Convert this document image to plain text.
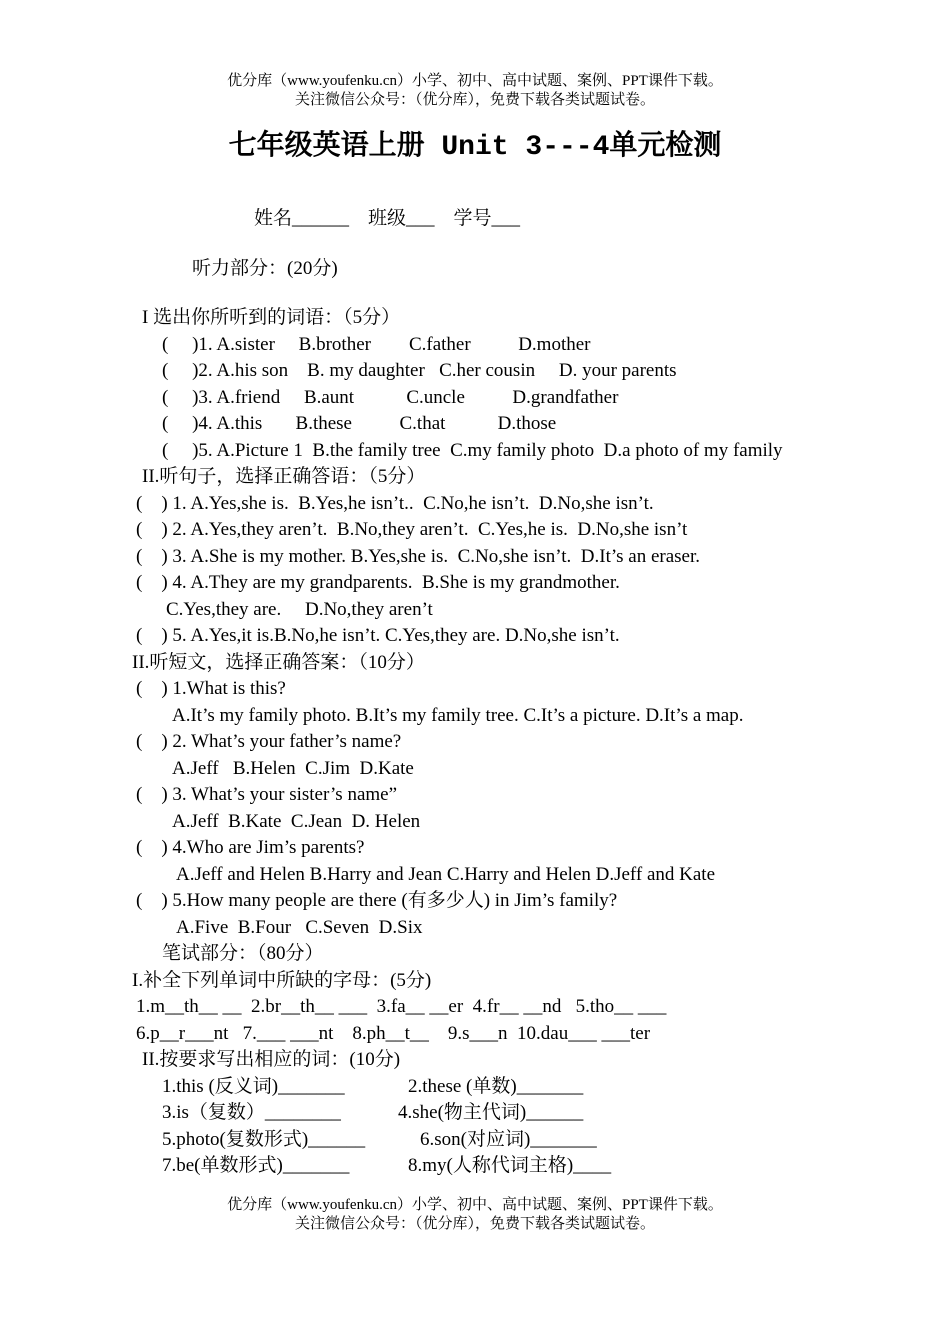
优分库（www.youfenku.cn）小学、初中、高中试题、案例、PPT课件下载。
关注微信公众号：（优分库），免费下载各类试题试卷。
七年级英语上册 Unit 3---4单元检测
姓名______    班级___    学号___
听力部分：(20分)
I 选出你所听到的词语：（5分）
(     )1. A.sister     B.brother        C.father          D.mother
(     )2. A.his son    B. my daughter   C.her cousin     D. your parents
(     )3. A.friend     B.aunt           C.uncle          D.grandfather
(     )4. A.this       B.these          C.that           D.those
(     )5. A.Picture 1  B.the family tree  C.my family photo  D.a photo of my family
II.听句子，选择正确答语：（5分）
(    ) 1. A.Yes,she is.  B.Yes,he isn’t..  C.No,he isn’t.  D.No,she isn’t.
(    ) 2. A.Yes,they aren’t.  B.No,they aren’t.  C.Yes,he is.  D.No,she isn’t
(    ) 3. A.She is my mother. B.Yes,she is.  C.No,she isn’t.  D.It’s an eraser.
(    ) 4. A.They are my grandparents.  B.She is my grandmother.
C.Yes,they are.     D.No,they aren’t
(    ) 5. A.Yes,it is.B.No,he isn’t. C.Yes,they are. D.No,she isn’t.
II.听短文，选择正确答案：（10分）
(    ) 1.What is this?
A.It’s my family photo. B.It’s my family tree. C.It’s a picture. D.It’s a map.
(    ) 2. What’s your father’s name?
A.Jeff   B.Helen  C.Jim  D.Kate
(    ) 3. What’s your sister’s name”
A.Jeff  B.Kate  C.Jean  D. Helen
(    ) 4.Who are Jim’s parents?
A.Jeff and Helen B.Harry and Jean C.Harry and Helen D.Jeff and Kate
(    ) 5.How many people are there (有多少人) in Jim’s family?
A.Five  B.Four   C.Seven  D.Six
笔试部分：（80分）
I.补全下列单词中所缺的字母：(5分)
1.m__th__ __  2.br__th__ ___  3.fa__ __er  4.fr__ __nd   5.tho__ ___
6.p__r___nt   7.___ ___nt    8.ph__t__    9.s___n  10.dau___ ___ter
II.按要求写出相应的词：(10分)
1.this (反义词)_______	2.these (单数)_______
3.is（复数）________	4.she(物主代词)______
5.photo(复数形式)______	6.son(对应词)_______
7.be(单数形式)_______	8.my(人称代词主格)____
优分库（www.youfenku.cn）小学、初中、高中试题、案例、PPT课件下载。
关注微信公众号：（优分库），免费下载各类试题试卷。
